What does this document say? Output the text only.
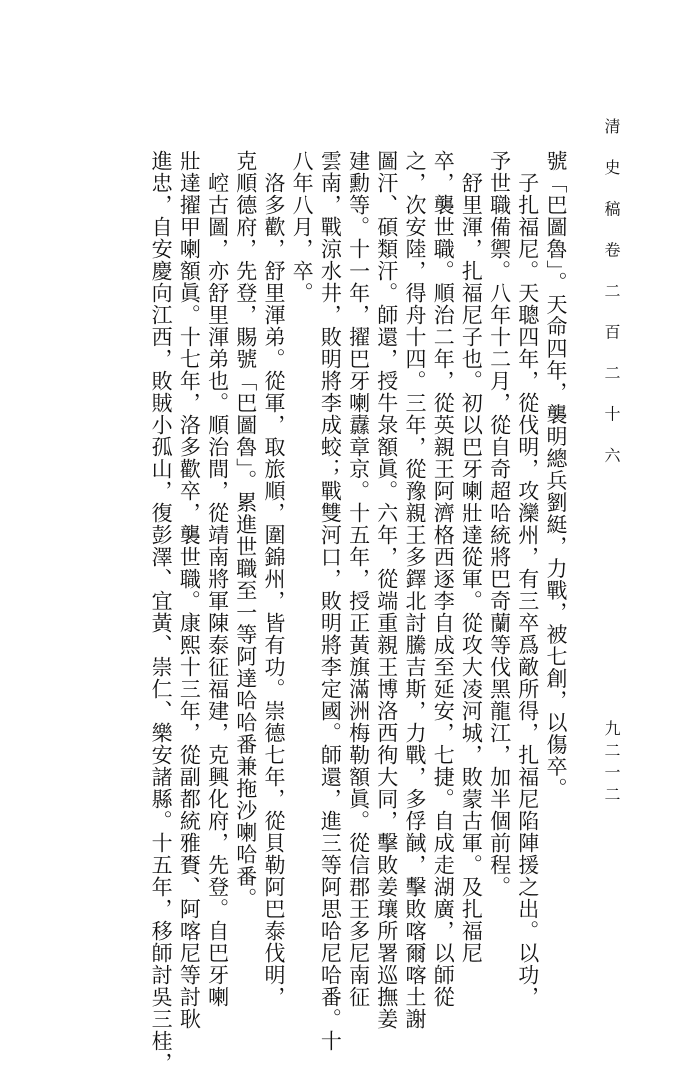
清 史 稿 卷 二 百 二 十 六
號「巴圖魯」。天命四年，襲明總兵劉綎，力戰，被七創，以傷卒。
　子扎福尼。天聰四年，從伐明，攻灤州，有三卒爲敵所得，扎福尼陷陣援之出。以功，
予世職備禦。八年十二月，從自奇超哈統將巴奇蘭等伐黑龍江，加半個前程。
　舒里渾，扎福尼子也。初以巴牙喇壯達從軍。從攻大凌河城，敗蒙古軍。及扎福尼
卒，襲世職。順治二年，從英親王阿濟格西逐李自成至延安，七捷。自成走湖廣，以師從
之，次安陸，得舟十四。三年，從豫親王多鐸北討騰吉斯，力戰，多俘馘，擊敗喀爾喀土謝
圖汗、碩類汗。師還，授牛彔額眞。六年，從端重親王博洛西徇大同，擊敗姜瓖所署巡撫姜
建勳等。十一年，擢巴牙喇纛章京。十五年，授正黃旗滿洲梅勒額眞。從信郡王多尼南征
雲南，戰涼水井，敗明將李成蛟；戰雙河口，敗明將李定國。師還，進三等阿思哈尼哈番。十
八年八月，卒。
　洛多歡，舒里渾弟。從軍，取旅順，圍錦州，皆有功。崇德七年，從貝勒阿巴泰伐明，
克順德府，先登，賜號「巴圖魯」。累進世職至一等阿達哈哈番兼拖沙喇哈番。
　崆古圖，亦舒里渾弟也。順治間，從靖南將軍陳泰征福建，克興化府，先登。自巴牙喇
壯達擢甲喇額眞。十七年，洛多歡卒，襲世職。康熙十三年，從副都統雅賚、阿喀尼等討耿
進忠，自安慶向江西，敗賊小孤山，復彭澤、宜黃、崇仁、樂安諸縣。十五年，移師討吳三桂，	九二一二
